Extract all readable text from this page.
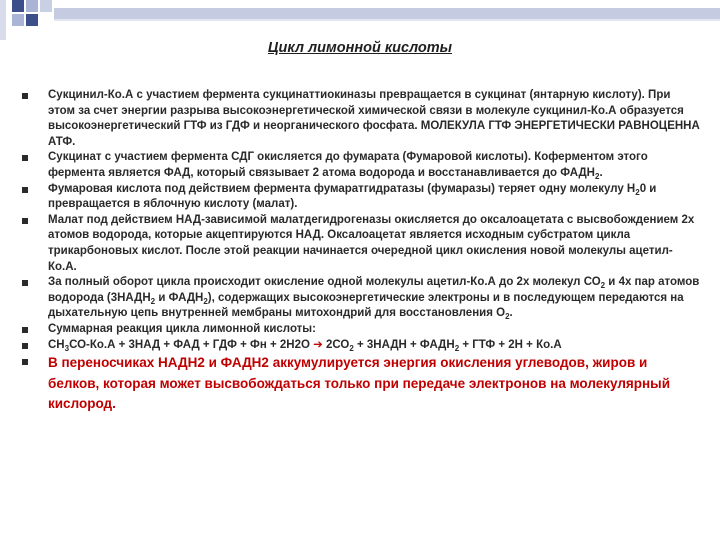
Цикл лимонной кислоты
Сукцинил-Ко.А с участием фермента сукцинаттиокиназы превращается в сукцинат (янтарную кислоту). При этом за счет энергии разрыва высокоэнергетической химической связи в молекуле сукцинил-Ко.А образуется высокоэнергетический ГТФ из ГДФ и неорганического фосфата. МОЛЕКУЛА ГТФ ЭНЕРГЕТИЧЕСКИ РАВНОЦЕННА АТФ.
Сукцинат с участием фермента СДГ окисляется до фумарата (Фумаровой кислоты). Коферментом этого фермента является ФАД, который связывает 2 атома водорода и восстанавливается до $ФАДН_2$.
Фумаровая кислота под действием фермента фумаратгидратазы (фумаразы) теряет одну молекулу $Н_20$ и превращается в яблочную кислоту (малат).
Малат под действием НАД-зависимой малатдегидрогеназы окисляется до оксалоацетата с высвобождением 2х атомов водорода, которые акцептируются НАД. Оксалоацетат является исходным субстратом цикла трикарбоновых кислот. После этой реакции начинается очередной цикл окисления новой молекулы ацетил-Ко.А.
За полный оборот цикла происходит окисление одной молекулы ацетил-Ко.А до 2х молекул $СО_2$ и 4х пар атомов водорода ($3НАДН_2$ и $ФАДН_2$), содержащих высокоэнергетические электроны и в последующем передаются на дыхательную цепь внутренней мембраны митохондрий для восстановления $О_2$.
Суммарная реакция цикла лимонной кислоты:
$СН_3СО-Ко.А + 3НАД$ + ФАД + ГДФ + Фн + 2Н2О ➔ $2СО_2$ + 3НАДН + $ФАДН_2$ + ГТФ + 2Н + Ко.А
В переносчиках НАДН2 и ФАДН2 аккумулируется энергия окисления углеводов, жиров и белков, которая может высвобождаться только при передаче электронов на молекулярный кислород.
